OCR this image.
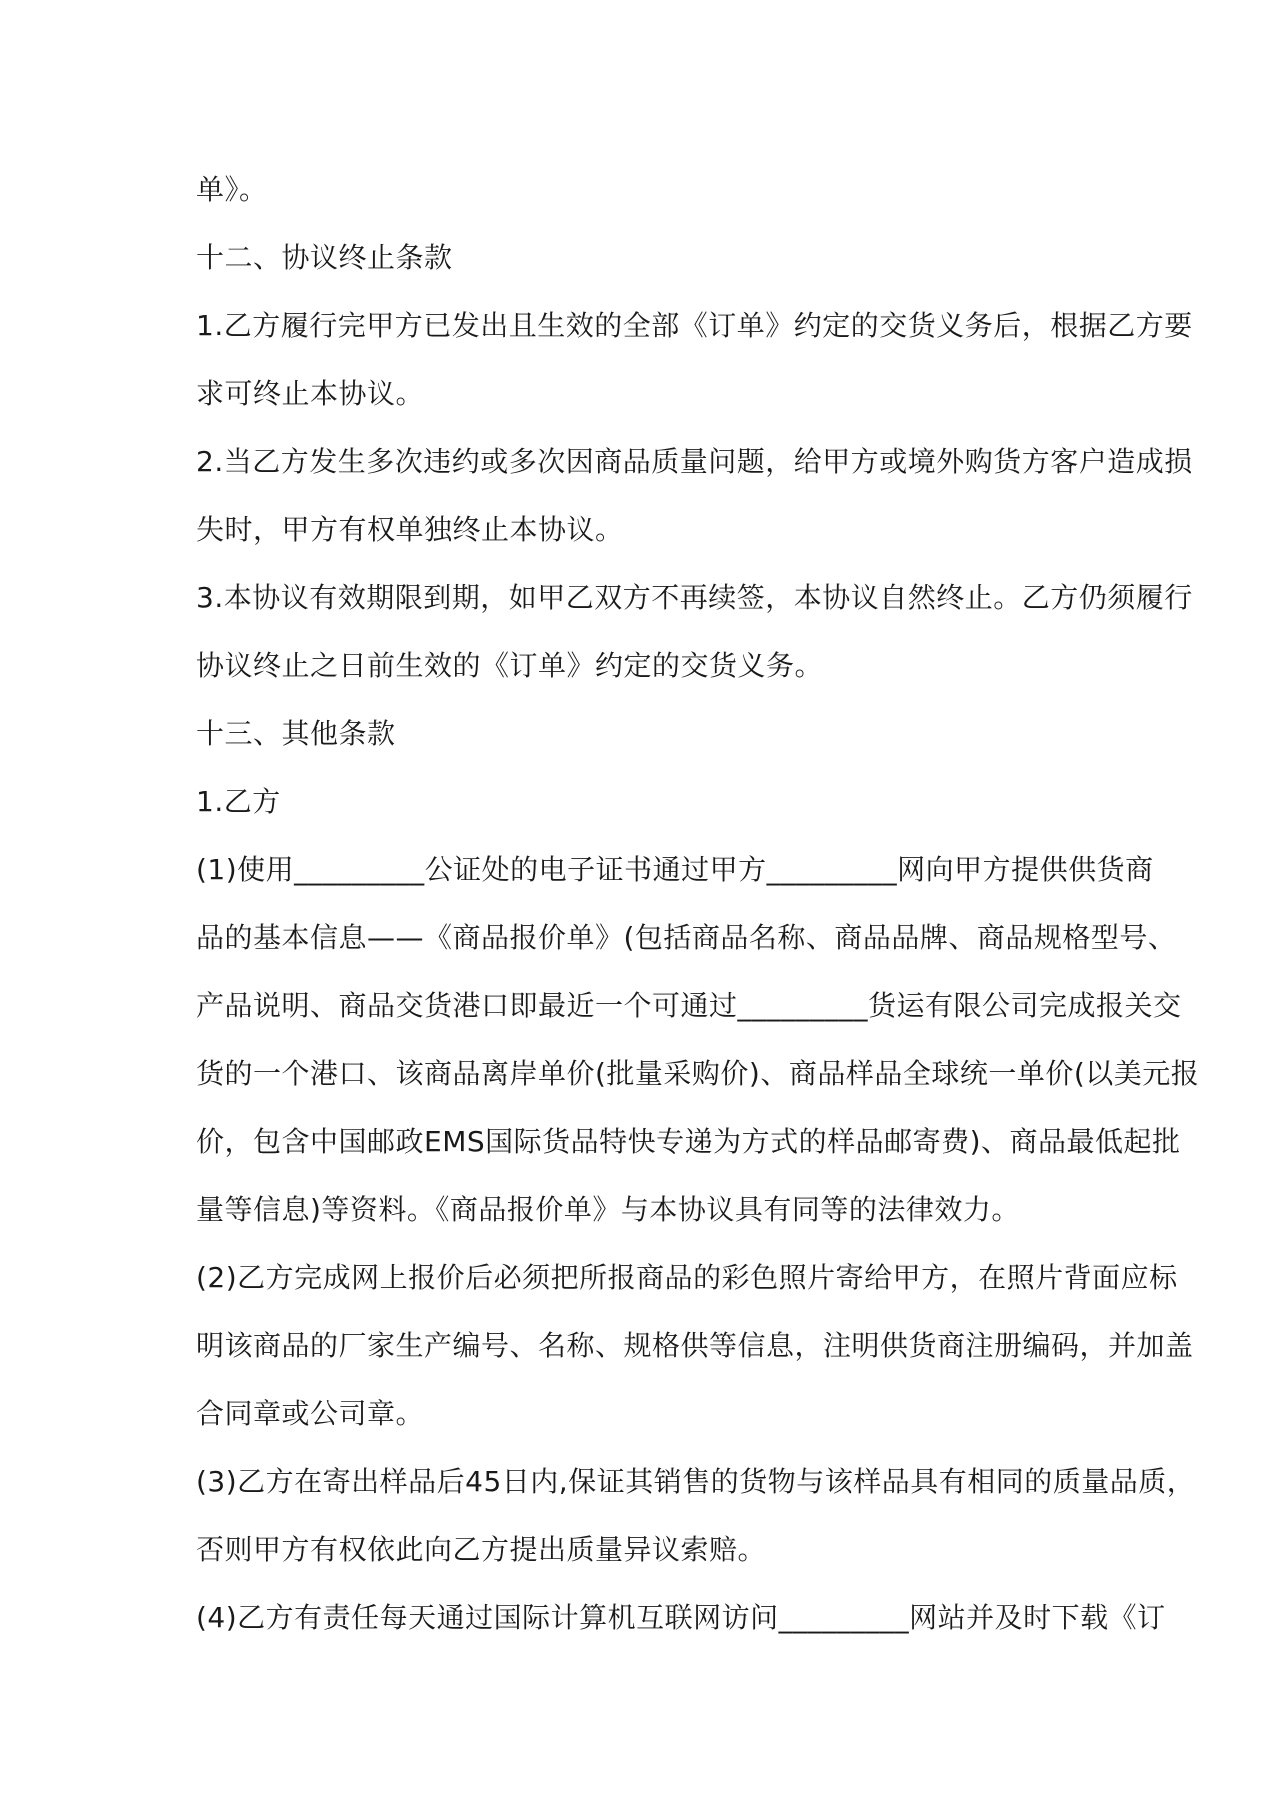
单》。
十二、协议终止条款
1.乙方履行完甲方已发出且生效的全部《订单》约定的交货义务后，根据乙方要
求可终止本协议。
2.当乙方发生多次违约或多次因商品质量问题，给甲方或境外购货方客户造成损
失时，甲方有权单独终止本协议。
3.本协议有效期限到期，如甲乙双方不再续签，本协议自然终止。乙方仍须履行
协议终止之日前生效的《订单》约定的交货义务。
十三、其他条款
1.乙方
(1)使用_________公证处的电子证书通过甲方_________网向甲方提供供货商
品的基本信息——《商品报价单》(包括商品名称、商品品牌、商品规格型号、
产品说明、商品交货港口即最近一个可通过_________货运有限公司完成报关交
货的一个港口、该商品离岸单价(批量采购价)、商品样品全球统一单价(以美元报
价，包含中国邮政EMS国际货品特快专递为方式的样品邮寄费)、商品最低起批
量等信息)等资料。《商品报价单》与本协议具有同等的法律效力。
(2)乙方完成网上报价后必须把所报商品的彩色照片寄给甲方，在照片背面应标
明该商品的厂家生产编号、名称、规格供等信息，注明供货商注册编码，并加盖
合同章或公司章。
(3)乙方在寄出样品后45日内,保证其销售的货物与该样品具有相同的质量品质，
否则甲方有权依此向乙方提出质量异议索赔。
(4)乙方有责任每天通过国际计算机互联网访问_________网站并及时下载《订
